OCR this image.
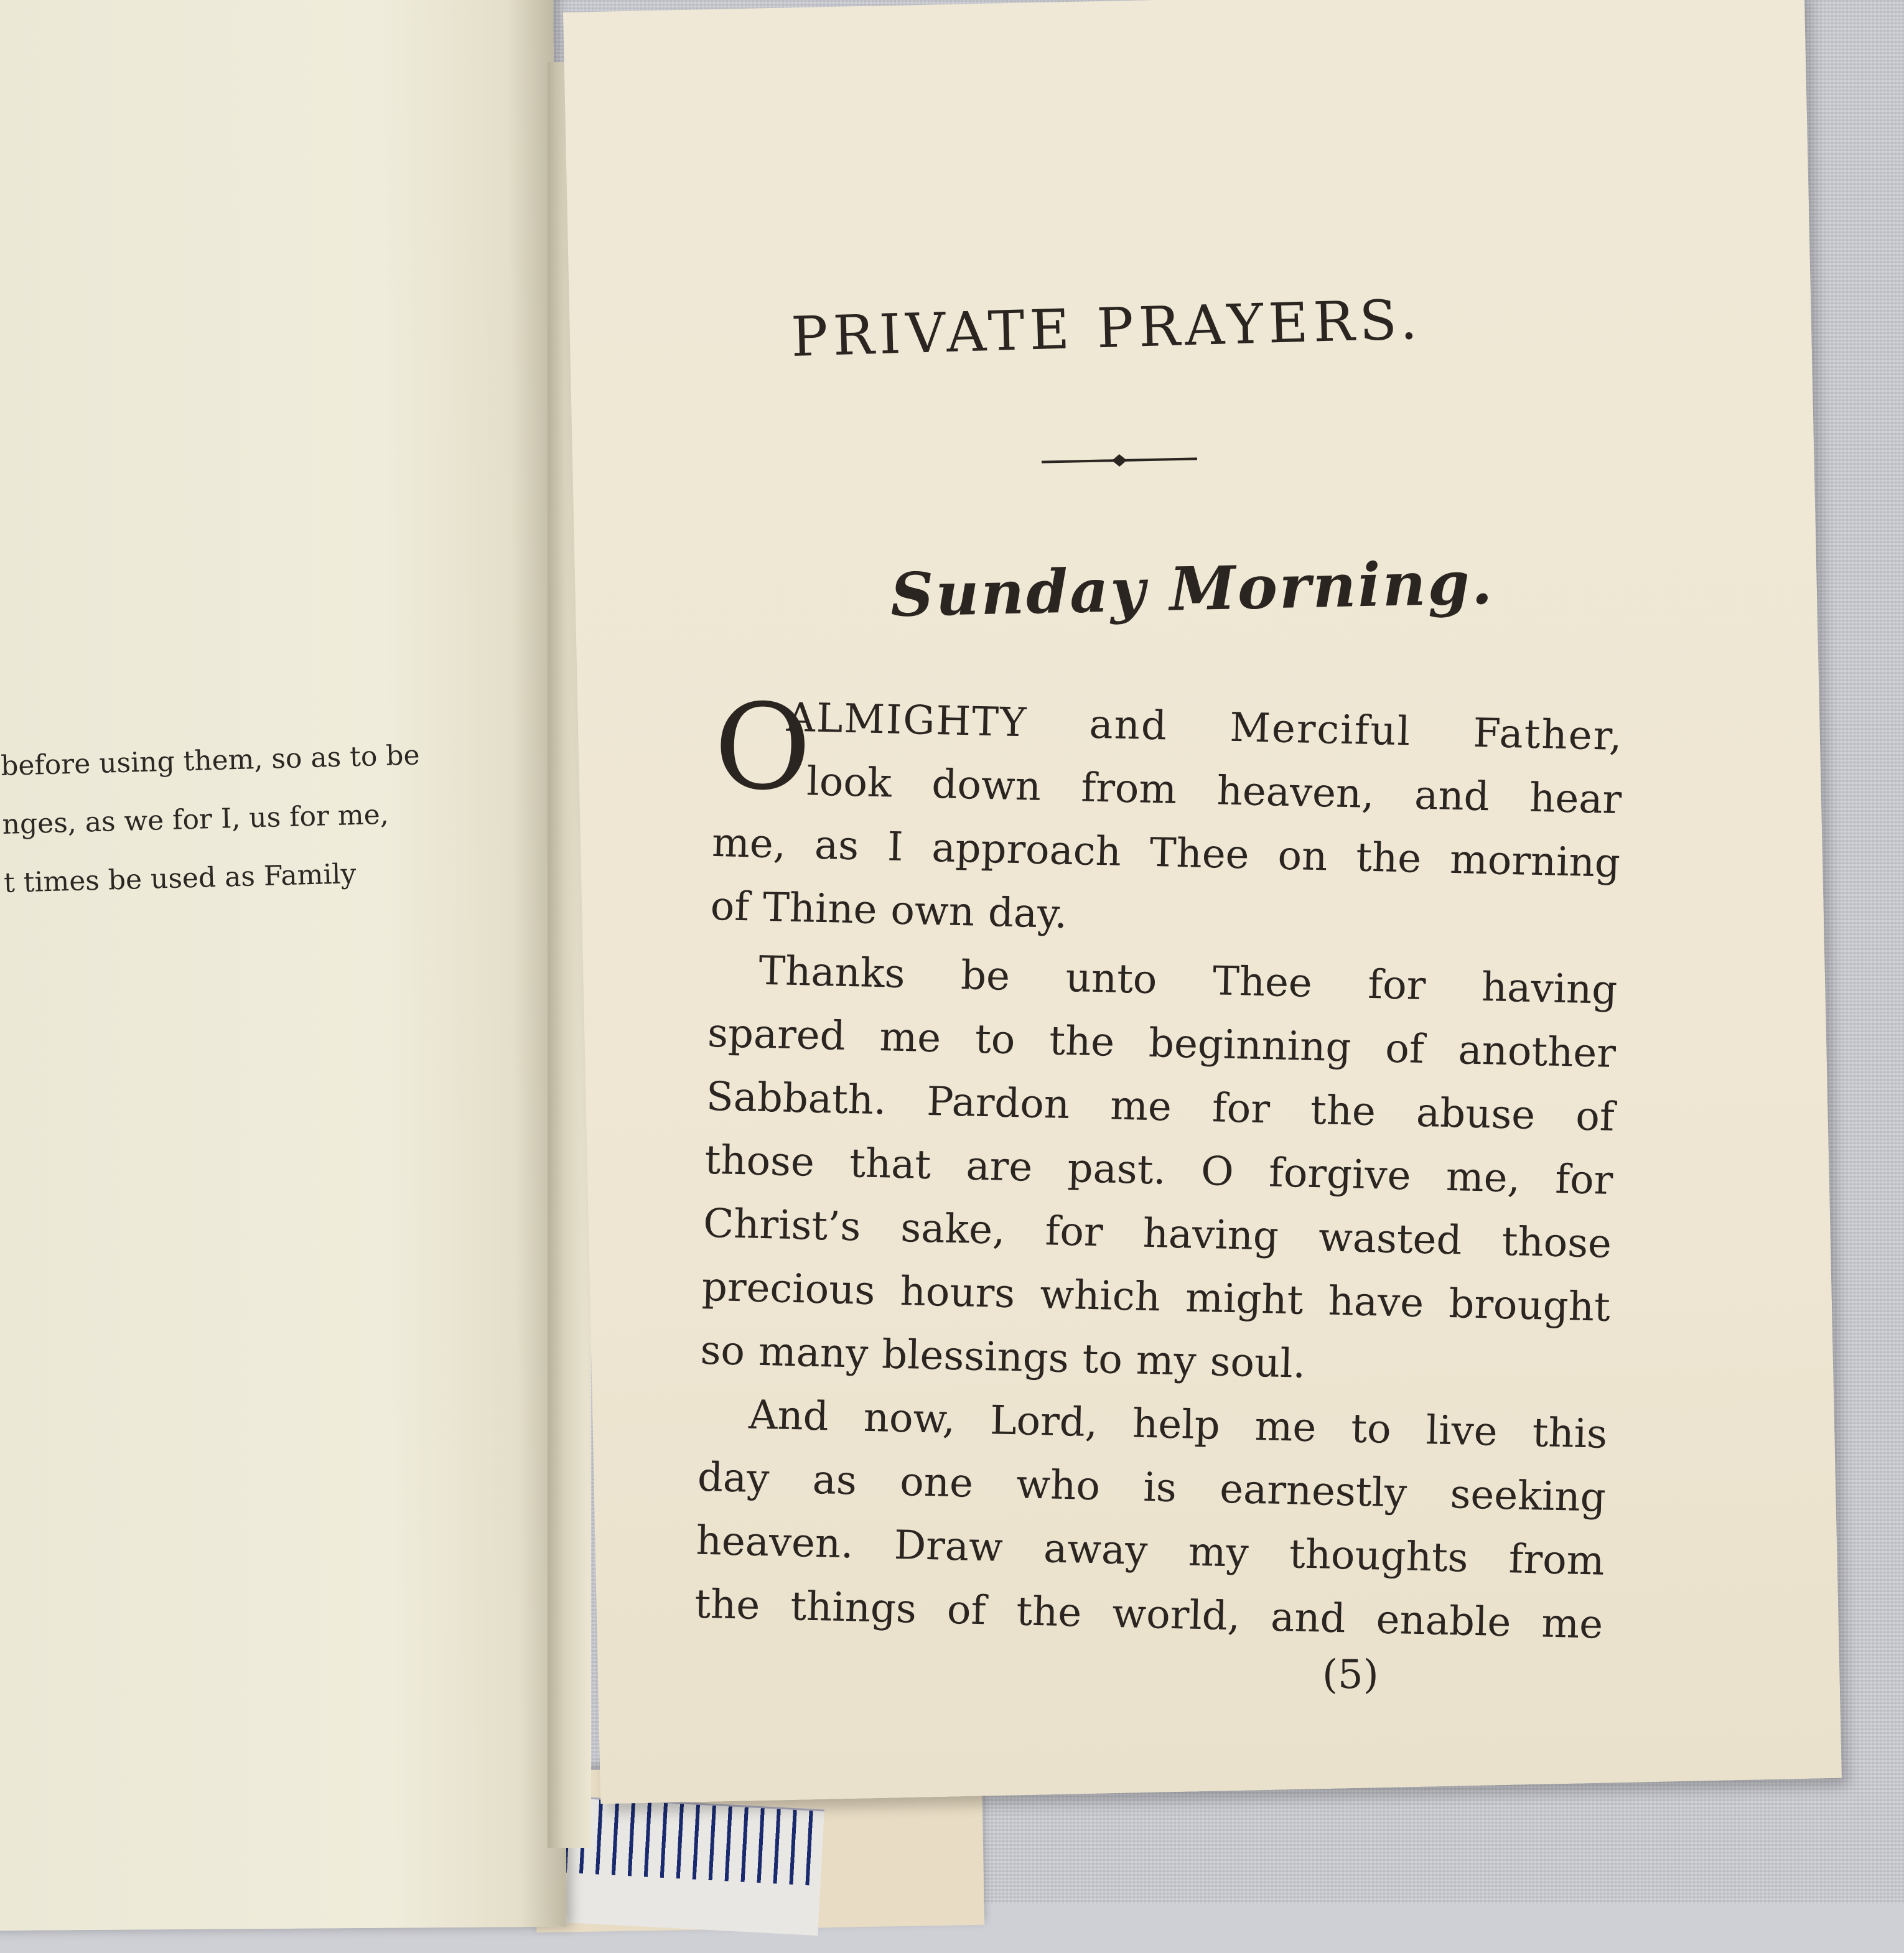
before using them, so as to be
nges, as we for I, us for me,
t times be used as Family
PRIVATE PRAYERS.
Sunday Morning.
O
ALMIGHTY and Merciful Father,
look down from heaven, and hear
me, as I approach Thee on the morning
of Thine own day.
Thanks be unto Thee for having
spared me to the beginning of another
Sabbath. Pardon me for the abuse of
those that are past. O forgive me, for
Christ’s sake, for having wasted those
precious hours which might have brought
so many blessings to my soul.
And now, Lord, help me to live this
day as one who is earnestly seeking
heaven. Draw away my thoughts from
the things of the world, and enable me
(5)
